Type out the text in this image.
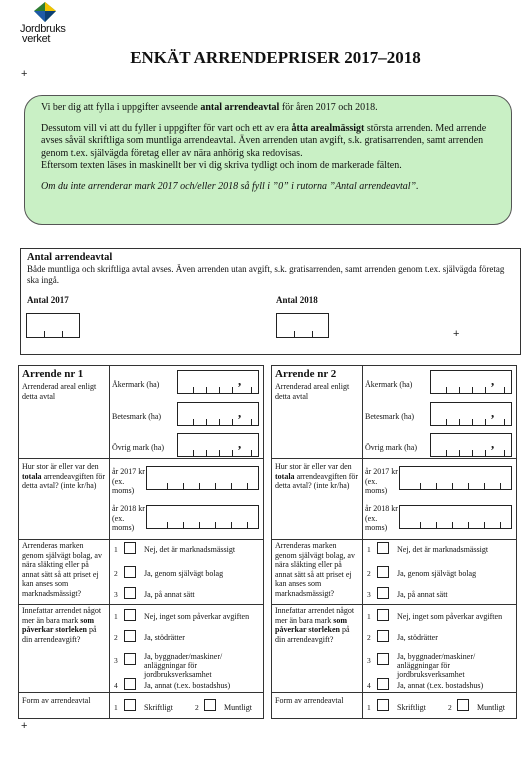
Jordbruks
verket
ENKÄT ARRENDEPRISER 2017–2018
+

Vi ber dig att fylla i uppgifter avseende antal arrendeavtal för åren 2017 och 2018.

Dessutom vill vi att du fyller i uppgifter för vart och ett av era åtta arealmässigt största arrenden. Med arrende avses såväl skriftliga som muntliga arrendeavtal. Även arrenden utan avgift, s.k. gratisarrenden, samt arrenden genom t.ex. självägda företag eller av nära anhörig ska redovisas.

Eftersom texten läses in maskinellt ber vi dig skriva tydligt och inom de markerade fälten.

Om du inte arrenderar mark 2017 och/eller 2018 så fyll i ”0” i rutorna ”Antal arrendeavtal”.

Antal arrendeavtal
Både muntliga och skriftliga avtal avses. Även arrenden utan avgift, s.k. gratisarrenden, samt arrenden genom t.ex. självägda företag ska ingå.
Antal 2017	Antal 2018
+
Arrende nr 1
Arrenderad areal enligt detta avtal
Åkermark (ha)	,
Betesmark (ha)	,
Övrig mark (ha)	,
Hur stor är eller var den totala arrendeavgiften för detta avtal? (inte kr/ha)
år 2017 kr (ex. moms)
år 2018 kr (ex. moms)
Arrenderas marken genom självägt bolag, av nära släkting eller på annat sätt så att priset ej kan anses som marknadsmässigt?
1	Nej, det är marknadsmässigt
2	Ja, genom självägt bolag
3	Ja, på annat sätt
Innefattar arrendet något mer än bara mark som påverkar storleken på din arrendeavgift?
1	Nej, inget som påverkar avgiften
2	Ja, stödrätter
3	Ja, byggnader/maskiner/ anläggningar för jordbruksverksamhet
4	Ja, annat (t.ex. bostadshus)
Form av arrendeavtal
1	Skriftligt	2	Muntligt
Arrende nr 2
Arrenderad areal enligt detta avtal
Åkermark (ha)	,
Betesmark (ha)	,
Övrig mark (ha)	,
Hur stor är eller var den totala arrendeavgiften för detta avtal? (inte kr/ha)
år 2017 kr (ex. moms)
år 2018 kr (ex. moms)
Arrenderas marken genom självägt bolag, av nära släkting eller på annat sätt så att priset ej kan anses som marknadsmässigt?
1	Nej, det är marknadsmässigt
2	Ja, genom självägt bolag
3	Ja, på annat sätt
Innefattar arrendet något mer än bara mark som påverkar storleken på din arrendeavgift?
1	Nej, inget som påverkar avgiften
2	Ja, stödrätter
3	Ja, byggnader/maskiner/ anläggningar för jordbruksverksamhet
4	Ja, annat (t.ex. bostadshus)
Form av arrendeavtal
1	Skriftligt	2	Muntligt
+
